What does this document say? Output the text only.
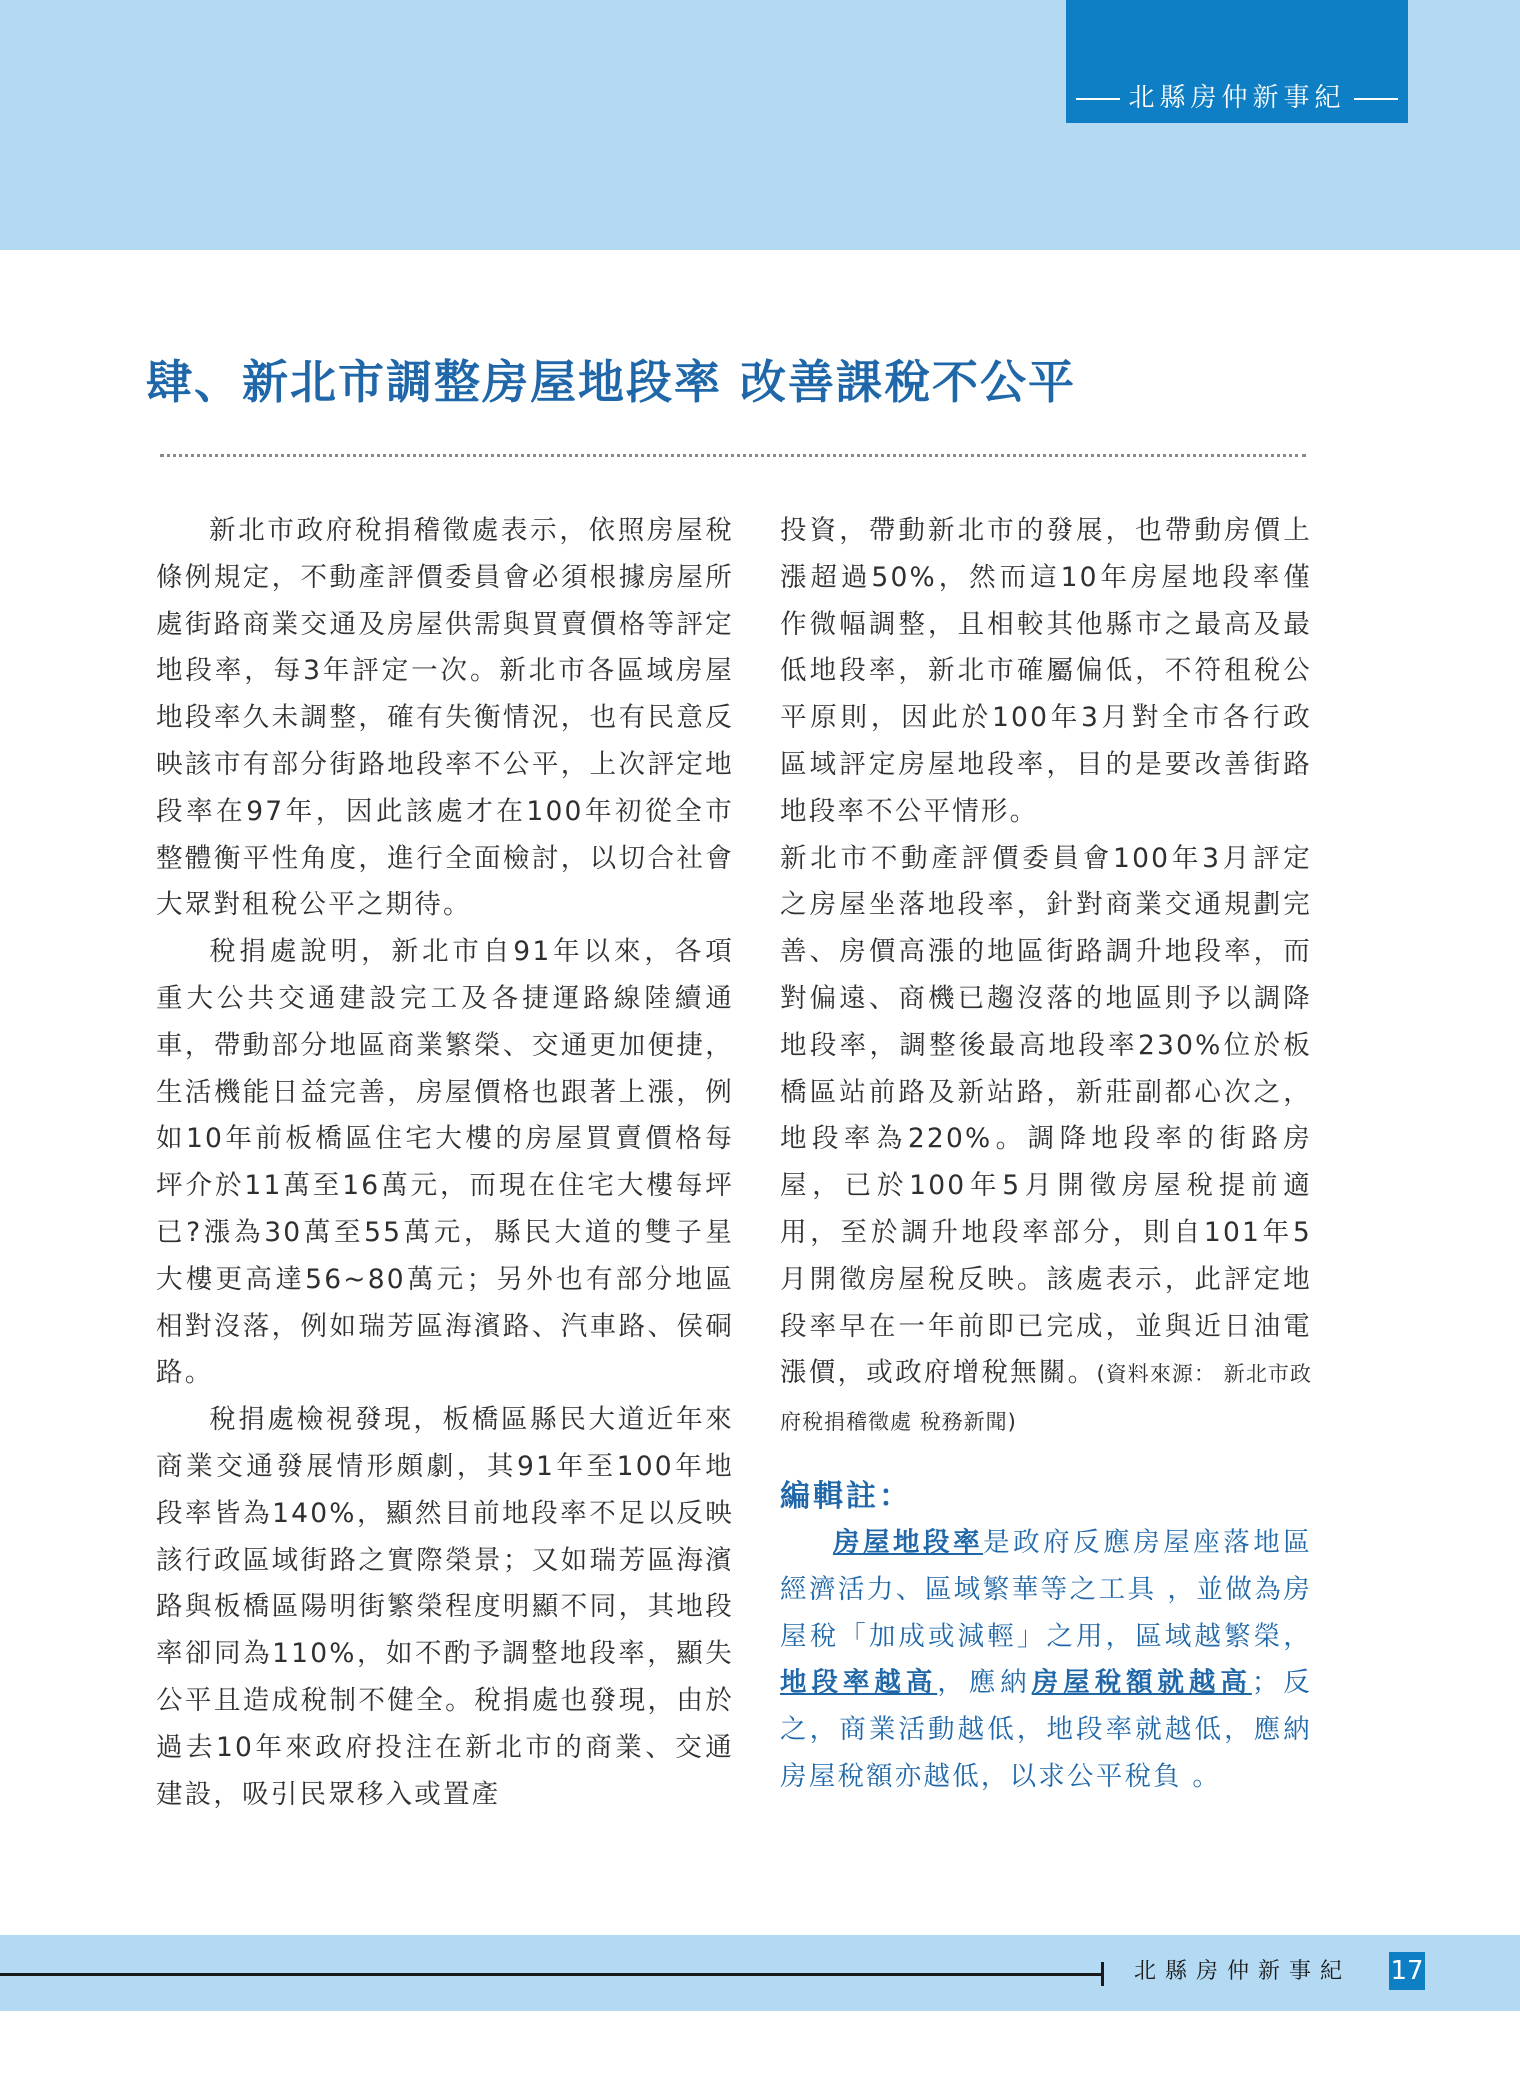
北縣房仲新事紀
肆、新北市調整房屋地段率 改善課稅不公平

新北市政府稅捐稽徵處表示，依照房屋稅條例規定，不動產評價委員會必須根據房屋所處街路商業交通及房屋供需與買賣價格等評定地段率，每3年評定一次。新北市各區域房屋地段率久未調整，確有失衡情況，也有民意反映該市有部分街路地段率不公平，上次評定地段率在97年，因此該處才在100年初從全市整體衡平性角度，進行全面檢討，以切合社會大眾對租稅公平之期待。

稅捐處說明，新北市自91年以來，各項重大公共交通建設完工及各捷運路線陸續通車，帶動部分地區商業繁榮、交通更加便捷，生活機能日益完善，房屋價格也跟著上漲，例如10年前板橋區住宅大樓的房屋買賣價格每坪介於11萬至16萬元，而現在住宅大樓每坪已?漲為30萬至55萬元，縣民大道的雙子星大樓更高達56~80萬元；另外也有部分地區相對沒落，例如瑞芳區海濱路、汽車路、侯硐路。

稅捐處檢視發現，板橋區縣民大道近年來商業交通發展情形頗劇，其91年至100年地段率皆為140%，顯然目前地段率不足以反映該行政區域街路之實際榮景；又如瑞芳區海濱路與板橋區陽明街繁榮程度明顯不同，其地段率卻同為110%，如不酌予調整地段率，顯失公平且造成稅制不健全。稅捐處也發現，由於過去10年來政府投注在新北市的商業、交通建設，吸引民眾移入或置產

投資，帶動新北市的發展，也帶動房價上漲超過50%，然而這10年房屋地段率僅作微幅調整，且相較其他縣市之最高及最低地段率，新北市確屬偏低，不符租稅公平原則，因此於100年3月對全市各行政區域評定房屋地段率，目的是要改善街路地段率不公平情形。

新北市不動產評價委員會100年3月評定之房屋坐落地段率，針對商業交通規劃完善、房價高漲的地區街路調升地段率，而對偏遠、商機已趨沒落的地區則予以調降地段率，調整後最高地段率230%位於板橋區站前路及新站路，新莊副都心次之，地段率為220%。調降地段率的街路房屋，已於100年5月開徵房屋稅提前適用，至於調升地段率部分，則自101年5月開徵房屋稅反映。該處表示，此評定地段率早在一年前即已完成，並與近日油電漲價，或政府增稅無關。(資料來源： 新北市政府稅捐稽徵處 稅務新聞)

編輯註：

房屋地段率是政府反應房屋座落地區經濟活力、區域繁華等之工具 ，並做為房屋稅「加成或減輕」之用，區域越繁榮，地段率越高，應納房屋稅額就越高；反之，商業活動越低，地段率就越低，應納房屋稅額亦越低，以求公平稅負 。

北縣房仲新事紀 17
